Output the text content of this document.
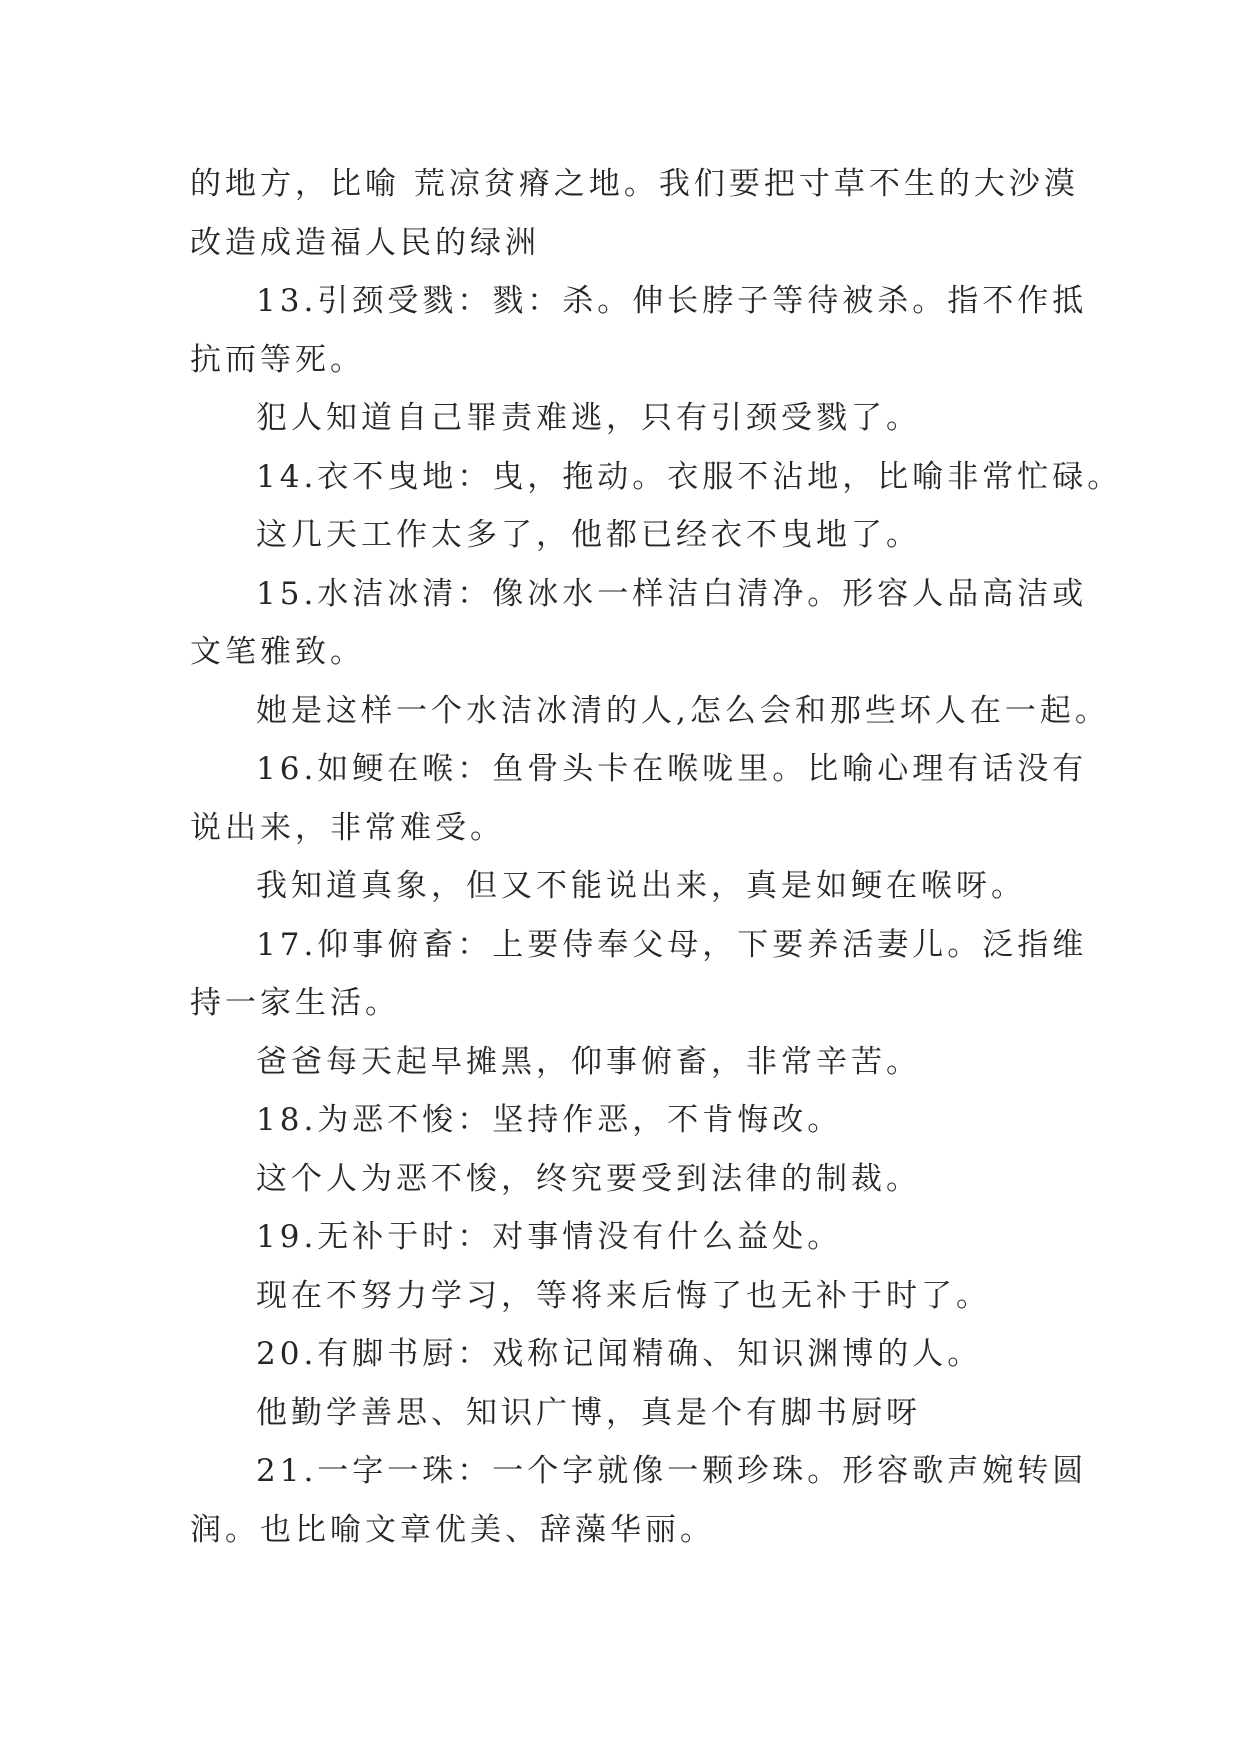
的地方，比喻 荒凉贫瘠之地。我们要把寸草不生的大沙漠

改造成造福人民的绿洲

13.引颈受戮：戮：杀。伸长脖子等待被杀。指不作抵

抗而等死。

犯人知道自己罪责难逃，只有引颈受戮了。

14.衣不曳地：曳，拖动。衣服不沾地，比喻非常忙碌。

这几天工作太多了，他都已经衣不曳地了。

15.水洁冰清：像冰水一样洁白清净。形容人品高洁或

文笔雅致。

她是这样一个水洁冰清的人,怎么会和那些坏人在一起。

16.如鲠在喉：鱼骨头卡在喉咙里。比喻心理有话没有

说出来，非常难受。

我知道真象，但又不能说出来，真是如鲠在喉呀。

17.仰事俯畜：上要侍奉父母，下要养活妻儿。泛指维

持一家生活。

爸爸每天起早摊黑，仰事俯畜，非常辛苦。

18.为恶不悛：坚持作恶，不肯悔改。

这个人为恶不悛，终究要受到法律的制裁。

19.无补于时：对事情没有什么益处。

现在不努力学习，等将来后悔了也无补于时了。

20.有脚书厨：戏称记闻精确、知识渊博的人。

他勤学善思、知识广博，真是个有脚书厨呀

21.一字一珠：一个字就像一颗珍珠。形容歌声婉转圆

润。也比喻文章优美、辞藻华丽。
